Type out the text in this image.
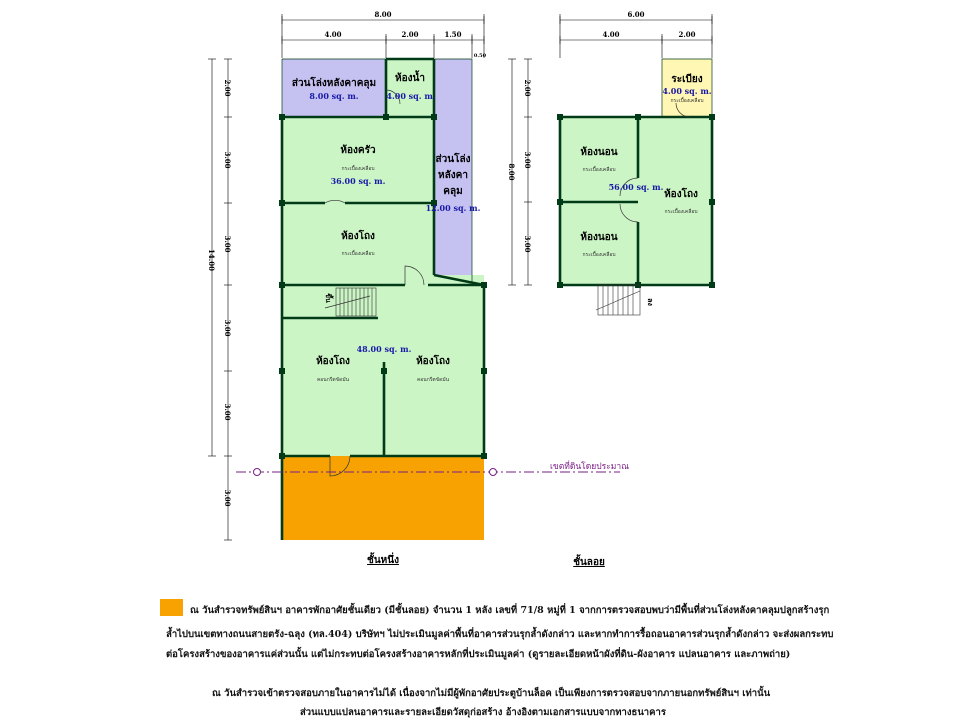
8.00
4.00	2.00	1.50
0.50
14.00
2.00
3.00
3.00
3.00
3.00
3.00
ส่วนโล่งหลังคาคลุม
8.00 sq. m.
ห้องน้ำ
4.00 sq. m.
ห้องครัว
กระเบื้องเคลือบ
36.00 sq. m.
ส่วนโล่ง
หลังคา
คลุม
12.00 sq. m.
ห้องโถง
กระเบื้องเคลือบ
ขึ้น
48.00 sq. m.
ห้องโถง
คอนกรีตขัดมัน
ห้องโถง
คอนกรีตขัดมัน
เขตที่ดินโดยประมาณ
ชั้นหนึ่ง
6.00
4.00	2.00
8.00
2.00
3.00
3.00
ระเบียง
4.00 sq. m.
กระเบื้องเคลือบ
ห้องนอน
กระเบื้องเคลือบ
56.00 sq. m.
ห้องโถง
กระเบื้องเคลือบ
ห้องนอน
กระเบื้องเคลือบ
ลง
ชั้นลอย
ณ วันสำรวจทรัพย์สินฯ อาคารพักอาศัยชั้นเดียว (มีชั้นลอย) จำนวน 1 หลัง เลขที่ 71/8 หมู่ที่ 1 จากการตรวจสอบพบว่ามีพื้นที่ส่วนโล่งหลังคาคลุมปลูกสร้างรุก
ล้ำไปบนเขตทางถนนสายตรัง-ฉลุง (ทล.404) บริษัทฯ ไม่ประเมินมูลค่าพื้นที่อาคารส่วนรุกล้ำดังกล่าว และหากทำการรื้อถอนอาคารส่วนรุกล้ำดังกล่าว จะส่งผลกระทบ
ต่อโครงสร้างของอาคารแค่ส่วนนั้น แต่ไม่กระทบต่อโครงสร้างอาคารหลักที่ประเมินมูลค่า (ดูรายละเอียดหน้าผังที่ดิน-ผังอาคาร แปลนอาคาร และภาพถ่าย)
ณ วันสำรวจเข้าตรวจสอบภายในอาคารไม่ได้ เนื่องจากไม่มีผู้พักอาศัยประตูบ้านล็อค เป็นเพียงการตรวจสอบจากภายนอกทรัพย์สินฯ เท่านั้น
ส่วนแบบแปลนอาคารและรายละเอียดวัสดุก่อสร้าง อ้างอิงตามเอกสารแบบจากทางธนาคาร
